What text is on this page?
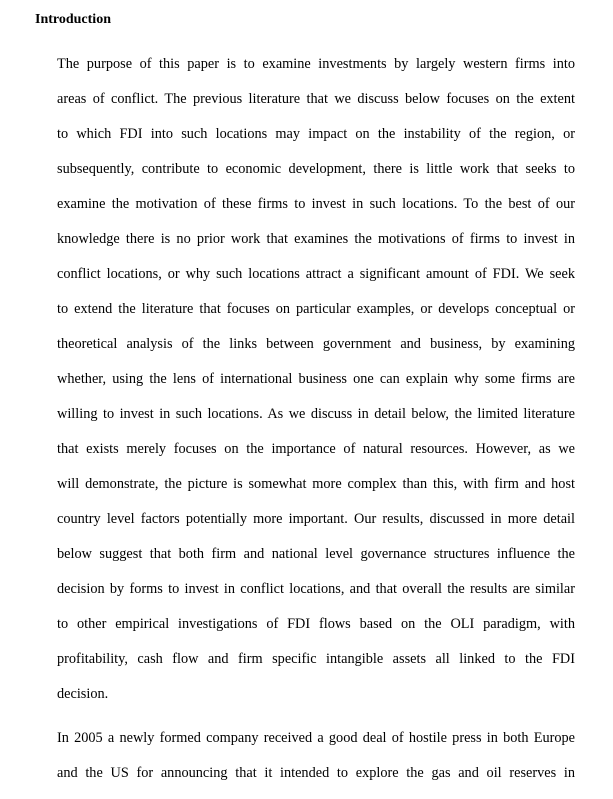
Introduction
The purpose of this paper is to examine investments by largely western firms into
areas of conflict. The previous literature that we discuss below focuses on the extent
to which FDI into such locations may impact on the instability of the region, or
subsequently, contribute to economic development, there is little work that seeks to
examine the motivation of these firms to invest in such locations. To the best of our
knowledge there is no prior work that examines the motivations of firms to invest in
conflict locations, or why such locations attract a significant amount of FDI. We seek
to extend the literature that focuses on particular examples, or develops conceptual or
theoretical analysis of the links between government and business, by examining
whether, using the lens of international business one can explain why some firms are
willing to invest in such locations. As we discuss in detail below, the limited literature
that exists merely focuses on the importance of natural resources. However, as we
will demonstrate, the picture is somewhat more complex than this, with firm and host
country level factors potentially more important. Our results, discussed in more detail
below suggest that both firm and national level governance structures influence the
decision by forms to invest in conflict locations, and that overall the results are similar
to other empirical investigations of FDI flows based on the OLI paradigm, with
profitability, cash flow and firm specific intangible assets all linked to the FDI
decision.
In 2005 a newly formed company received a good deal of hostile press in both Europe
and the US for announcing that it intended to explore the gas and oil reserves in
